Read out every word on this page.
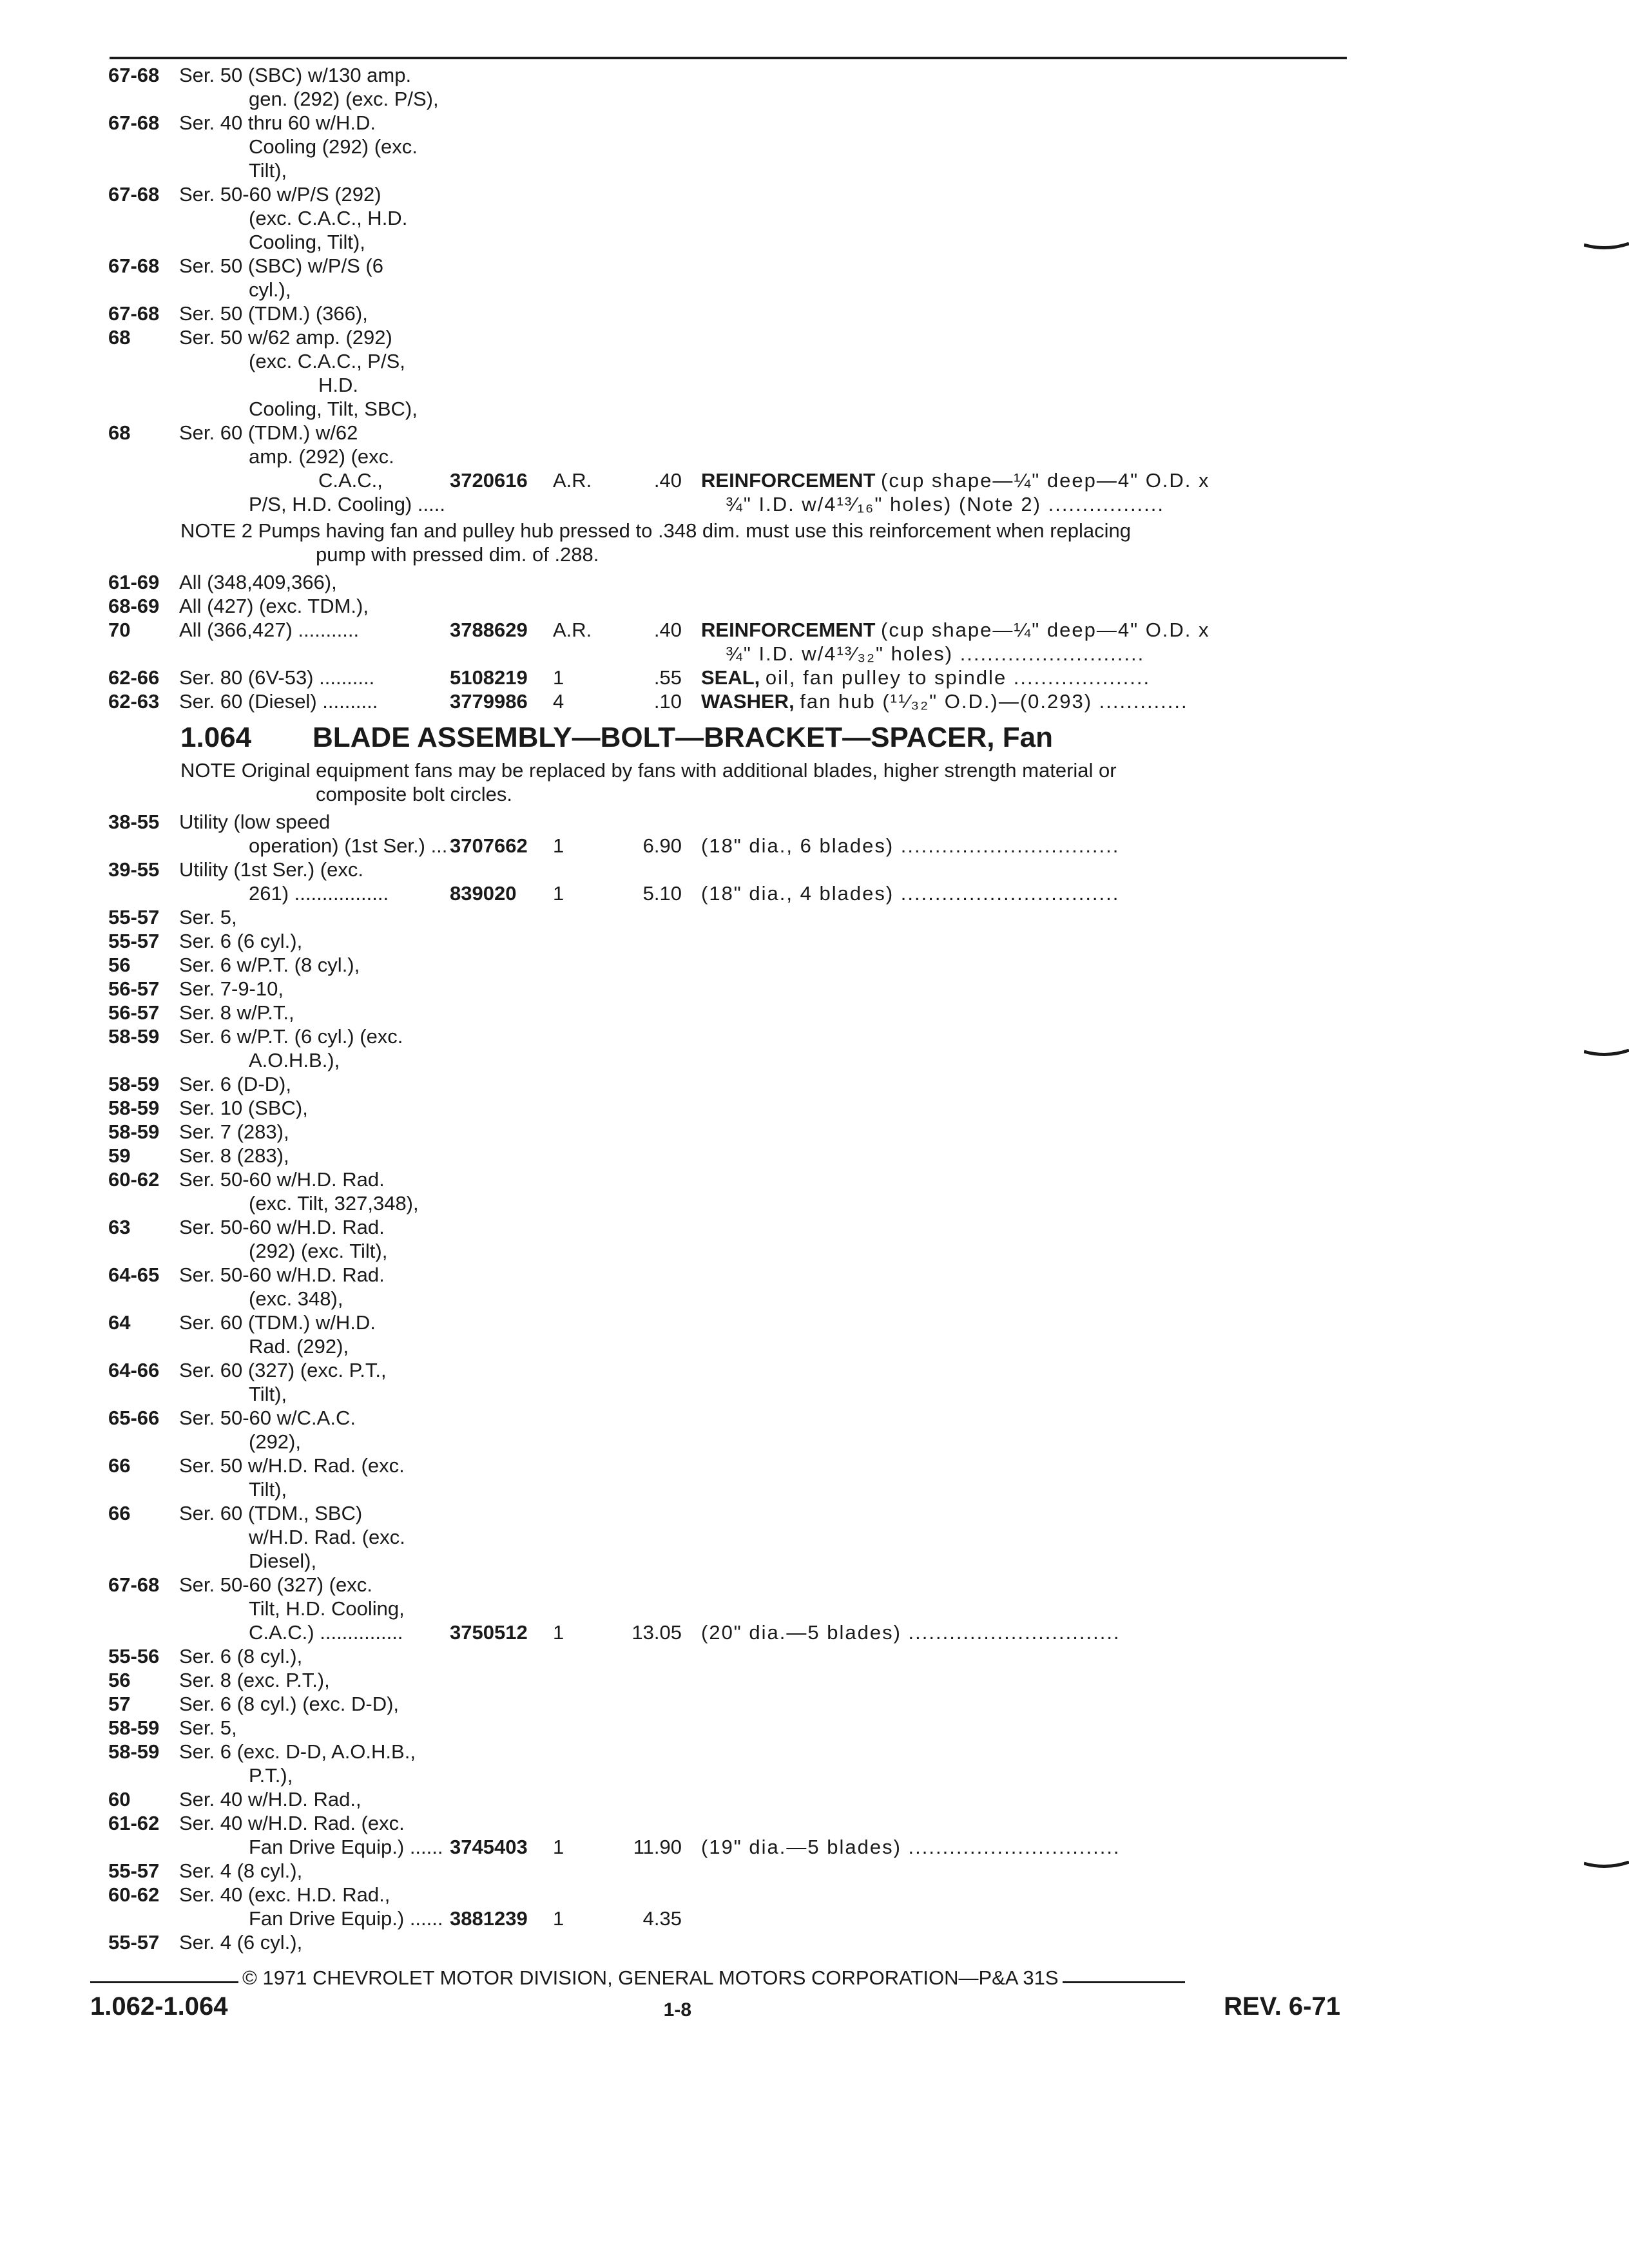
67-68 Ser. 50 (SBC) w/130 amp.
gen. (292) (exc. P/S),
67-68 Ser. 40 thru 60 w/H.D.
Cooling (292) (exc.
Tilt),
67-68 Ser. 50-60 w/P/S (292)
(exc. C.A.C., H.D.
Cooling, Tilt),
67-68 Ser. 50 (SBC) w/P/S (6
cyl.),
67-68 Ser. 50 (TDM.) (366),
68	Ser. 50 w/62 amp. (292)
(exc. C.A.C., P/S, H.D.
Cooling, Tilt, SBC),
68	Ser. 60 (TDM.) w/62
amp. (292) (exc. C.A.C.,
P/S, H.D. Cooling) .....
3720616	A.R.	.40 REINFORCEMENT (cup shape—¼" deep—4" O.D. x
¾" I.D. w/4¹³⁄₁₆" holes) (Note 2) .................
NOTE 2 Pumps having fan and pulley hub pressed to .348 dim. must use this reinforcement when replacing
pump with pressed dim. of .288.
61-69 All (348,409,366),
68-69 All (427) (exc. TDM.),
70	All (366,427) ...........	3788629	A.R.	.40 REINFORCEMENT (cup shape—¼" deep—4" O.D. x
¾" I.D. w/4¹³⁄₃₂" holes) ...........................
62-66 Ser. 80 (6V-53) ..........	5108219	1	.55 SEAL, oil, fan pulley to spindle ....................
62-63 Ser. 60 (Diesel) ..........	3779986	4	.10 WASHER, fan hub (¹¹⁄₃₂" O.D.)—(0.293) .............
1.064 BLADE ASSEMBLY—BOLT—BRACKET—SPACER, Fan
NOTE Original equipment fans may be replaced by fans with additional blades, higher strength material or
composite bolt circles.
38-55 Utility (low speed
operation) (1st Ser.) ... 3707662	1	6.90 (18" dia., 6 blades) ................................
39-55 Utility (1st Ser.) (exc.
261) .................	839020	1	5.10 (18" dia., 4 blades) ................................
55-57 Ser. 5,
55-57 Ser. 6 (6 cyl.),
56	Ser. 6 w/P.T. (8 cyl.),
56-57 Ser. 7-9-10,
56-57 Ser. 8 w/P.T.,
58-59 Ser. 6 w/P.T. (6 cyl.) (exc.
A.O.H.B.),
58-59 Ser. 6 (D-D),
58-59 Ser. 10 (SBC),
58-59 Ser. 7 (283),
59	Ser. 8 (283),
60-62 Ser. 50-60 w/H.D. Rad.
(exc. Tilt, 327,348),
63	Ser. 50-60 w/H.D. Rad.
(292) (exc. Tilt),
64-65 Ser. 50-60 w/H.D. Rad.
(exc. 348),
64	Ser. 60 (TDM.) w/H.D.
Rad. (292),
64-66 Ser. 60 (327) (exc. P.T.,
Tilt),
65-66 Ser. 50-60 w/C.A.C.
(292),
66	Ser. 50 w/H.D. Rad. (exc.
Tilt),
66	Ser. 60 (TDM., SBC)
w/H.D. Rad. (exc.
Diesel),
67-68 Ser. 50-60 (327) (exc.
Tilt, H.D. Cooling,
C.A.C.) ...............	3750512	1	13.05 (20" dia.—5 blades) ...............................
55-56 Ser. 6 (8 cyl.),
56	Ser. 8 (exc. P.T.),
57	Ser. 6 (8 cyl.) (exc. D-D),
58-59 Ser. 5,
58-59 Ser. 6 (exc. D-D, A.O.H.B.,
P.T.),
60	Ser. 40 w/H.D. Rad.,
61-62 Ser. 40 w/H.D. Rad. (exc.
Fan Drive Equip.) ...... 3745403	1	11.90 (19" dia.—5 blades) ...............................
55-57 Ser. 4 (8 cyl.),
60-62 Ser. 40 (exc. H.D. Rad.,
Fan Drive Equip.) ...... 3881239	1	4.35
55-57 Ser. 4 (6 cyl.),
© 1971 CHEVROLET MOTOR DIVISION, GENERAL MOTORS CORPORATION—P&A 31S
1.062-1.064	1-8	REV. 6-71
